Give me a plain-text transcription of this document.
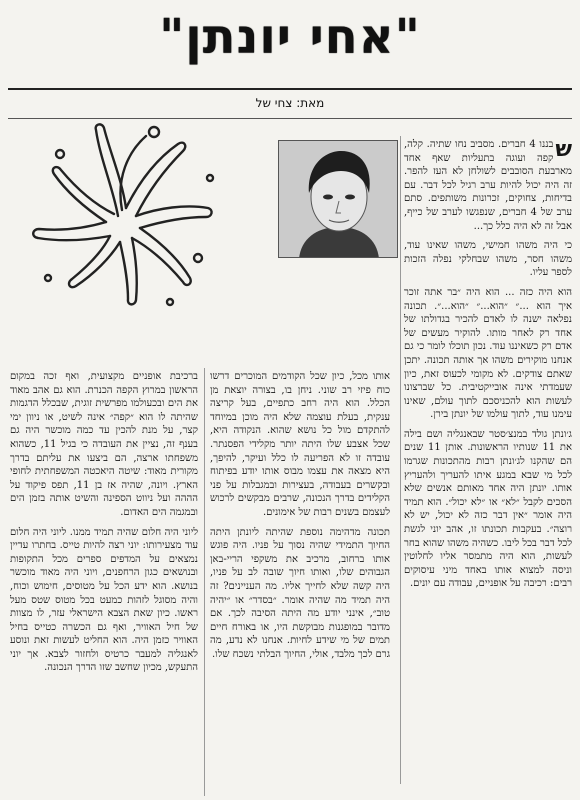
"אחי יונתן"
מאת: צחי של

ש
בננו 4 חברים. מסביב נחו שתיה. קלה, קפה ועוגה בתעליות שאף אחד מארבעת הסובבים לשולחן לא העז להפר. זה היה יכול להיות ערב רגיל לכל דבר. עם בדיחות, צחוקים, זכרונות משותפים. סתם ערב של 4 חברים, שנפגשו לערב של כייף, אבל זה לא היה כלל כך...

כי היה משהו חמישי, משהו שאינו עוד, משהו חסר, משהו שבחלקי נפלה הזכות לספר עליו.

הוא היה כזה ... הוא היה ״בר אתה זוכר איך הוא ...״ ״הוא...״ ״הוא...״. תכונה נפלאה ישנה לו לאדם להכיר בגדולתו של אחד רק לאחר מותו. להוקיר מעשים של אדם רק כשאיננו עוד. נכון תוכלו לומר כי גם אנחנו מוקירים משהו אך אותה תכונה. יתכן שאתם צודקים. לא מקומי לכעוס זאת, כיון שעמדתי אינה אובייקטיבית. כל שברצונו לעשות הוא להכניסכם לתוך עולם, שאינו עימנו עוד, לתוך עולמו של יונתן בירן.

ג׳ונתן גולד במנצ׳סטר שבאנגליה ושם בילה את 11 שנותיו הראשונות. אותן 11 שנים הם שהקנו לג׳ונתן רבות מהתכונות שגרמו לכל מי שבא במגע איתו להעריך ולהעריץ אותו. יונתן היה אחד מאותם אנשים שלא הסכים לקבל ״לא״ או ״לא יכול״. הוא תמיד היה אומר ״אין דבר כזה לא יכול, יש לא רוצה״. בעקבות תכונתו זו, אהב יוני לגשת לכל דבר בכל ליבו. כשהיה משהו שהוא בחר לעשות, הוא היה מתמסר אליו לחלוטין וניסה למצוא אותו באחד מיני עיסוקים רבים: רכיבה על אופניים, עבודה עם יונים.

אותו מכל, כיון שכל הקודמים המוכרים דרשו כוח פיזי רב שוני. ניחן בו, בצורה יוצאת מן הכלל. הוא היה רחב כתפיים, בעל קריצה ענקית, בעלת עוצמה שלא היה מוכן במיוחד להתקדם מול כל נושא שהוא. הנקודה היא, שכל אצבע שלו היתה יותר מקלידי הפסנתר. עובדה זו לא הפריעה לו כלל ועיקר, להיפך, היא מצאה את עצמו מבוס אותו יודע בפיתוח ובקשרים בעבודה, בעצירות ובמגבלות על פני הקלידים בדרך הנכונה, שרבים מבקשים לרכוש לעצמם בשנים רבות של אימונים.

תכונה מדהימה נוספת שהיתה ליונתן היתה החיוך התמידי שהיה נסוך על פניו. היה פוגש אותו ברחוב, מרכיב את משקפי הריי-באן הגבוהים שלו, ואותו חיוך שובה לב על פניו, היה קשה שלא לחייך אליו. מה העניינים? זה היה תמיד מה שהיה אומר. ״בסדר״ או ״יהיה טוב״, אינני יודע מה היתה הסיבה לכך. אם מדובר במופגנות מבוקשת היו, או באורח חיים תמים של מי שידע לחיות. אנחנו לא נדע, מה גרם לכך מלבד, אולי, החיוך הבלתי נשכח שלו.

ברכיבת אופניים מקצועית, ואף זכה במקום הראשון במרוץ הקפה הכנרת. הוא גם אהב מאוד את הים ובכעולמו מפרשית זוגית, שבכלל הדגמות שהיתה לו הוא ״קפה״ אינה לשיט, או ניוון ימי קצר, על מנת להכין עד כמה מוכשר היה גם בענף זה, נציין את העובדה כי בגיל 11, כשהוא משפחתו ארצה, הם ביצעו את עליתם בדרך מקורית מאוד: שיטה היאכטה המשפחתית לחופי הארץ. ויונה, שהיה אז בן 11, תפס פיקוד על הההה ועל ניווט הספינה והשיט אותה בזמן הים ובמגמה הים האדום.

ליוני היה חלום שהיה תמיד ממנו. ליוני היה חלום עוד מצעירותו: יוני רצה להיות טייס. בחתרו עדיין נמצאים על המדפים ספרים מכל התקופות ובנושאים כגון הרחפנים, ויוני היה מאוד מוכשר בנושא. הוא ידע הכל על מטוסים, חימוש וכוח, והיה מסוגל לזהות כמעט בכל מטוס שטס מעל ראשו. כיון שאת הצבא הישראלי עזר, לו מצוות של חיל האוויר, ואף גם הכשרה כטייס בחיל האוויר כזמן היה. הוא החליט לעשות זאת ונוסע לאנגליה למעבר כרטיס ולחזור לצבא. אך יוני התעקש, מכיון שחשב שזו הדרך הנכונה.
